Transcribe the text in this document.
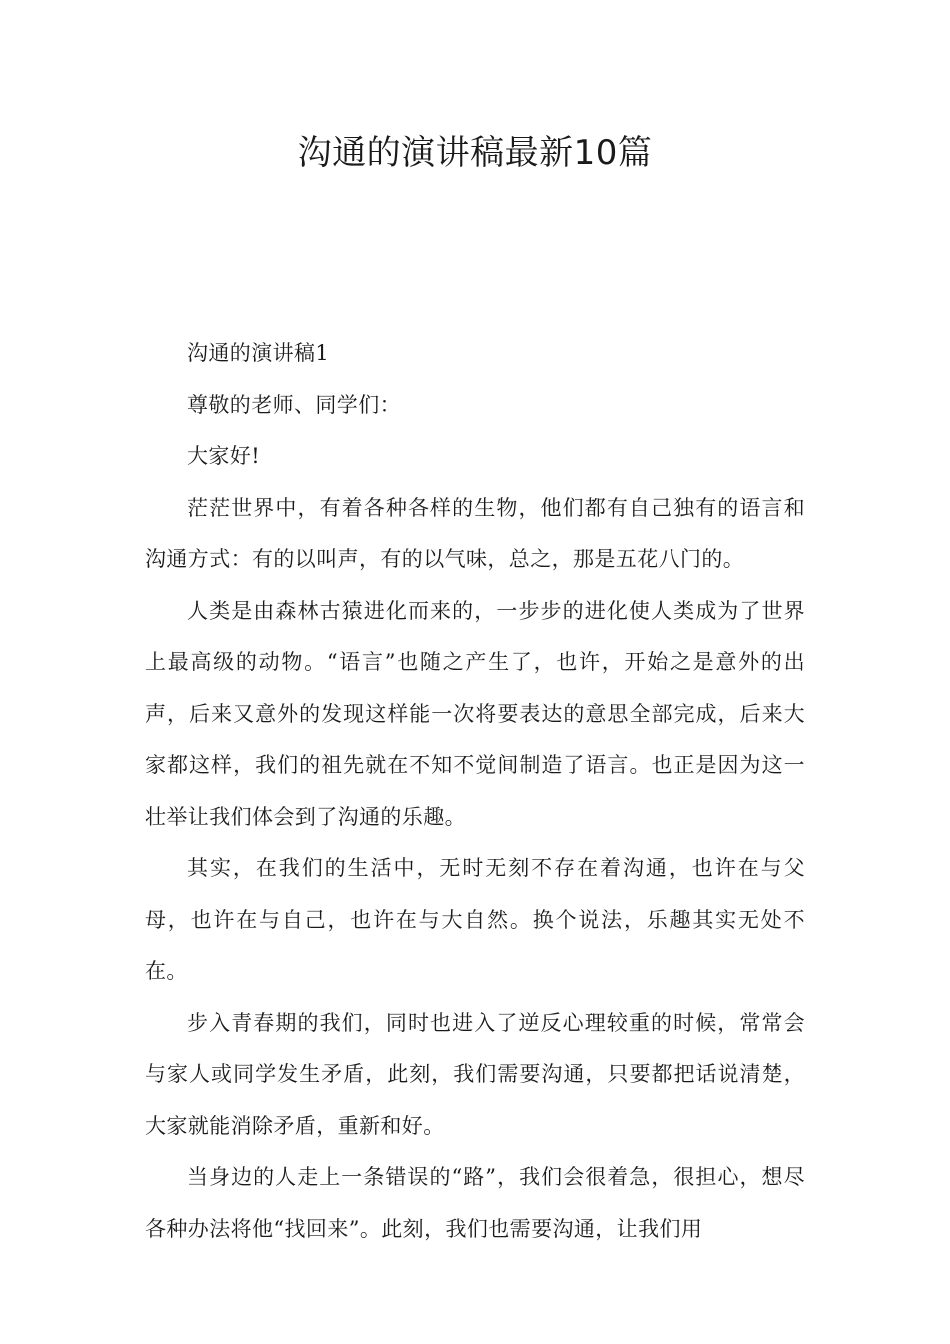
沟通的演讲稿最新10篇

沟通的演讲稿1

尊敬的老师、同学们：

大家好!

茫茫世界中，有着各种各样的生物，他们都有自己独有的语言和沟通方式：有的以叫声，有的以气味，总之，那是五花八门的。

人类是由森林古猿进化而来的，一步步的进化使人类成为了世界上最高级的动物。“语言”也随之产生了，也许，开始之是意外的出声，后来又意外的发现这样能一次将要表达的意思全部完成，后来大家都这样，我们的祖先就在不知不觉间制造了语言。也正是因为这一壮举让我们体会到了沟通的乐趣。

其实，在我们的生活中，无时无刻不存在着沟通，也许在与父母，也许在与自己，也许在与大自然。换个说法，乐趣其实无处不在。

步入青春期的我们，同时也进入了逆反心理较重的时候，常常会与家人或同学发生矛盾，此刻，我们需要沟通，只要都把话说清楚，大家就能消除矛盾，重新和好。

当身边的人走上一条错误的“路”，我们会很着急，很担心，想尽各种办法将他“找回来”。此刻，我们也需要沟通，让我们用
